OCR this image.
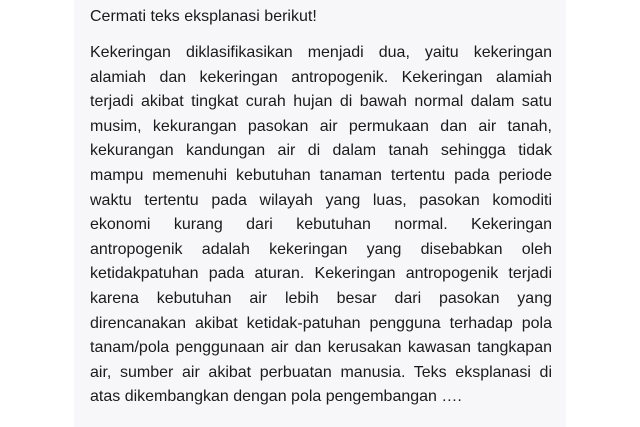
Cermati teks eksplanasi berikut!

Kekeringan diklasifikasikan menjadi dua, yaitu kekeringan alamiah dan kekeringan antropogenik. Kekeringan alamiah terjadi akibat tingkat curah hujan di bawah normal dalam satu musim, kekurangan pasokan air permukaan dan air tanah, kekurangan kandungan air di dalam tanah sehingga tidak mampu memenuhi kebutuhan tanaman tertentu pada periode waktu tertentu pada wilayah yang luas, pasokan komoditi ekonomi kurang dari kebutuhan normal. Kekeringan antropogenik adalah kekeringan yang disebabkan oleh ketidakpatuhan pada aturan. Kekeringan antropogenik terjadi karena kebutuhan air lebih besar dari pasokan yang direncanakan akibat ketidak-patuhan pengguna terhadap pola tanam/pola penggunaan air dan kerusakan kawasan tangkapan air, sumber air akibat perbuatan manusia. Teks eksplanasi di atas dikembangkan dengan pola pengembangan ….
